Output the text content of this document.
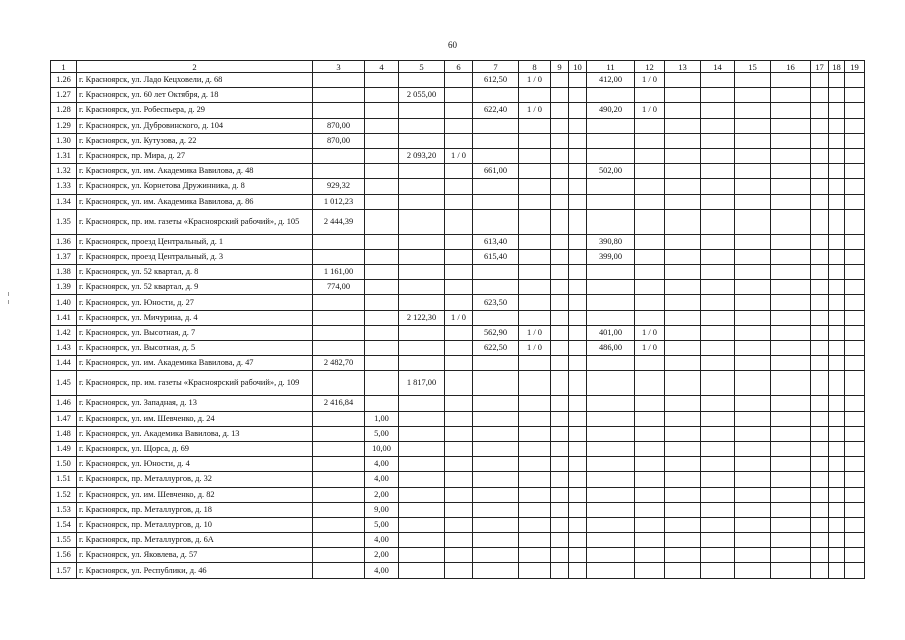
60
1	2	3	4	5	6	7	8	9	10	11	12	13	14	15	16	17	18	19
1.26	г. Красноярск, ул. Ладо Кецховели, д. 68					612,50	1 / 0			412,00	1 / 0							
1.27	г. Красноярск, ул. 60 лет Октября, д. 18			2 055,00														
1.28	г. Красноярск, ул. Робеспьера, д. 29					622,40	1 / 0			490,20	1 / 0							
1.29	г. Красноярск, ул. Дубровинского, д. 104	870,00																
1.30	г. Красноярск, ул. Кутузова, д. 22	870,00																
1.31	г. Красноярск, пр. Мира, д. 27			2 093,20	1 / 0													
1.32	г. Красноярск, ул. им. Академика Вавилова, д. 48					661,00				502,00								
1.33	г. Красноярск, ул. Корнетова Дружинника, д. 8	929,32																
1.34	г. Красноярск, ул. им. Академика Вавилова, д. 86	1 012,23																
1.35	г. Красноярск, пр. им. газеты «Красноярский рабочий», д. 105	2 444,39																
1.36	г. Красноярск, проезд Центральный, д. 1					613,40				390,80								
1.37	г. Красноярск, проезд Центральный, д. 3					615,40				399,00								
1.38	г. Красноярск, ул. 52 квартал, д. 8	1 161,00																
1.39	г. Красноярск, ул. 52 квартал, д. 9	774,00																
1.40	г. Красноярск, ул. Юности, д. 27					623,50												
1.41	г. Красноярск, ул. Мичурина, д. 4			2 122,30	1 / 0													
1.42	г. Красноярск, ул. Высотная, д. 7					562,90	1 / 0			401,00	1 / 0							
1.43	г. Красноярск, ул. Высотная, д. 5					622,50	1 / 0			486,00	1 / 0							
1.44	г. Красноярск, ул. им. Академика Вавилова, д. 47	2 482,70																
1.45	г. Красноярск, пр. им. газеты «Красноярский рабочий», д. 109			1 817,00														
1.46	г. Красноярск, ул. Западная, д. 13	2 416,84																
1.47	г. Красноярск, ул. им. Шевченко, д. 24		1,00															
1.48	г. Красноярск, ул. Академика Вавилова, д. 13		5,00															
1.49	г. Красноярск, ул. Щорса, д. 69		10,00															
1.50	г. Красноярск, ул. Юности, д. 4		4,00															
1.51	г. Красноярск, пр. Металлургов, д. 32		4,00															
1.52	г. Красноярск, ул. им. Шевченко, д. 82		2,00															
1.53	г. Красноярск, пр. Металлургов, д. 18		9,00															
1.54	г. Красноярск, пр. Металлургов, д. 10		5,00															
1.55	г. Красноярск, пр. Металлургов, д. 6А		4,00															
1.56	г. Красноярск, ул. Яковлева, д. 57		2,00															
1.57	г. Красноярск, ул. Республики, д. 46		4,00															
